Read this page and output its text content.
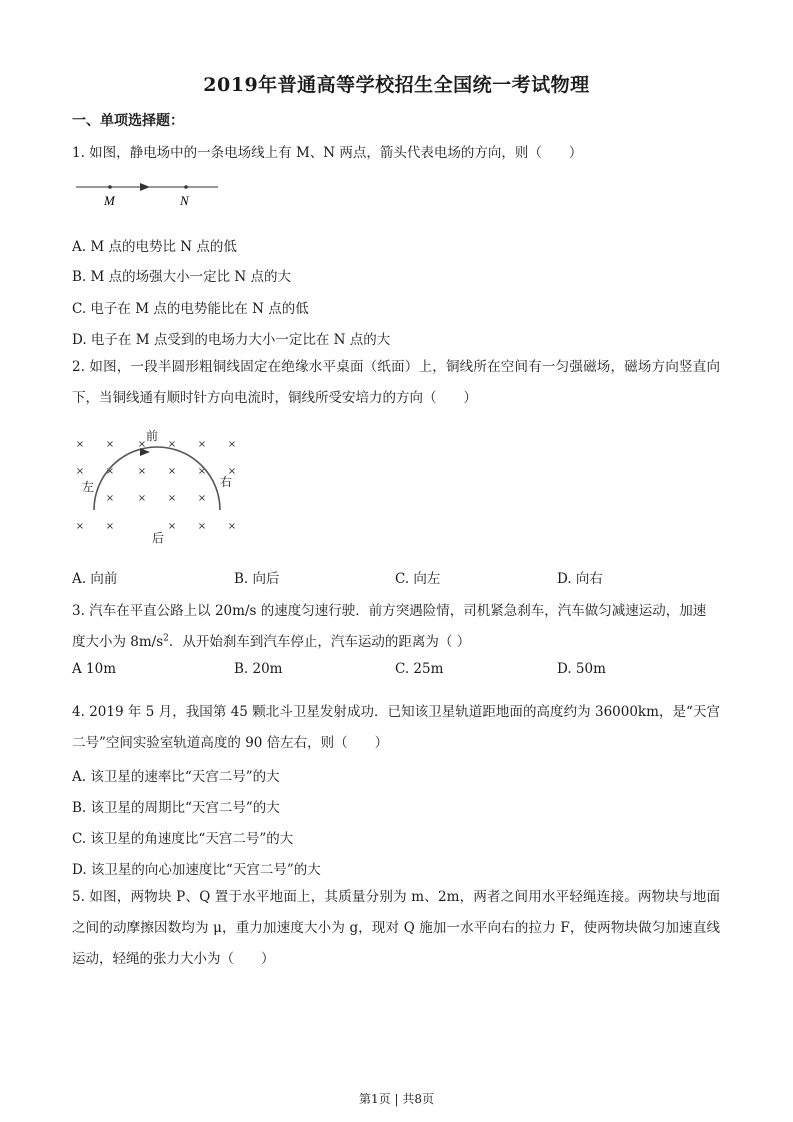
2019年普通高等学校招生全国统一考试物理
一、单项选择题：
1. 如图，静电场中的一条电场线上有 M、N 两点，箭头代表电场的方向，则（　　）
M	N
A. M 点的电势比 N 点的低
B. M 点的场强大小一定比 N 点的大
C. 电子在 M 点的电势能比在 N 点的低
D. 电子在 M 点受到的电场力大小一定比在 N 点的大
2. 如图，一段半圆形粗铜线固定在绝缘水平桌面（纸面）上，铜线所在空间有一匀强磁场，磁场方向竖直向下，当铜线通有顺时针方向电流时，铜线所受安培力的方向（　　）
× × × × × ×
× × × × × ×
× × × ×
× ×	× × ×
前
后
左	右
A. 向前	B. 向后	C. 向左	D. 向右
3. 汽车在平直公路上以 20m/s 的速度匀速行驶．前方突遇险情，司机紧急刹车，汽车做匀减速运动，加速
度大小为 $8m/s^2$．从开始刹车到汽车停止，汽车运动的距离为（ ）
A 10m	B. 20m	C. 25m	D. 50m
4. 2019 年 5 月，我国第 45 颗北斗卫星发射成功．已知该卫星轨道距地面的高度约为 36000km，是“天宫二号”空间实验室轨道高度的 90 倍左右，则（　　）
A. 该卫星的速率比“天宫二号”的大
B. 该卫星的周期比“天宫二号”的大
C. 该卫星的角速度比“天宫二号”的大
D. 该卫星的向心加速度比“天宫二号”的大
5. 如图，两物块 P、Q 置于水平地面上，其质量分别为 m、2m，两者之间用水平轻绳连接。两物块与地面之间的动摩擦因数均为 μ，重力加速度大小为 g，现对 Q 施加一水平向右的拉力 F，使两物块做匀加速直线运动，轻绳的张力大小为（　　）
第1页 | 共8页
